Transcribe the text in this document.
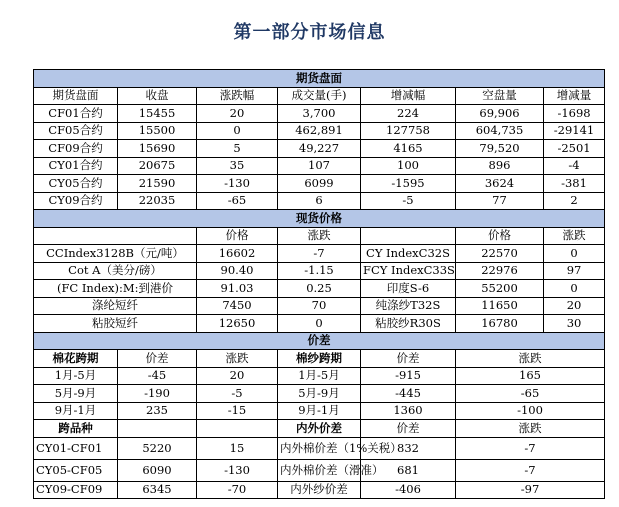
第一部分市场信息
期货盘面						
期货盘面	收盘	涨跌幅	成交量(手)	增减幅	空盘量	增减量
CF01合约	15455	20	3,700	224	69,906	-1698
CF05合约	15500	0	462,891	127758	604,735	-29141
CF09合约	15690	5	49,227	4165	79,520	-2501
CY01合约	20675	35	107	100	896	-4
CY05合约	21590	-130	6099	-1595	3624	-381
CY09合约	22035	-65	6	-5	77	2
现货价格						
		价格	涨跌		价格	涨跌
CCIndex3128B（元/吨）		16602	-7	CY IndexC32S	22570	0
Cot A（美分/磅）		90.40	-1.15	FCY IndexC33S	22976	97
(FC Index):M:到港价		91.03	0.25	印度S-6	55200	0
涤纶短纤		7450	70	纯涤纱T32S	11650	20
粘胶短纤		12650	0	粘胶纱R30S	16780	30
价差						
棉花跨期	价差	涨跌	棉纱跨期	价差	涨跌	
1月-5月	-45	20	1月-5月	-915	165	
5月-9月	-190	-5	5月-9月	-445	-65	
9月-1月	235	-15	9月-1月	1360	-100	
跨品种			内外价差	价差	涨跌	
CY01-CF01	5220	15	内外棉价差（1%关税）	832	-7	
CY05-CF05	6090	-130	内外棉价差（滑准）	681	-7	
CY09-CF09	6345	-70	内外纱价差	-406	-97	
